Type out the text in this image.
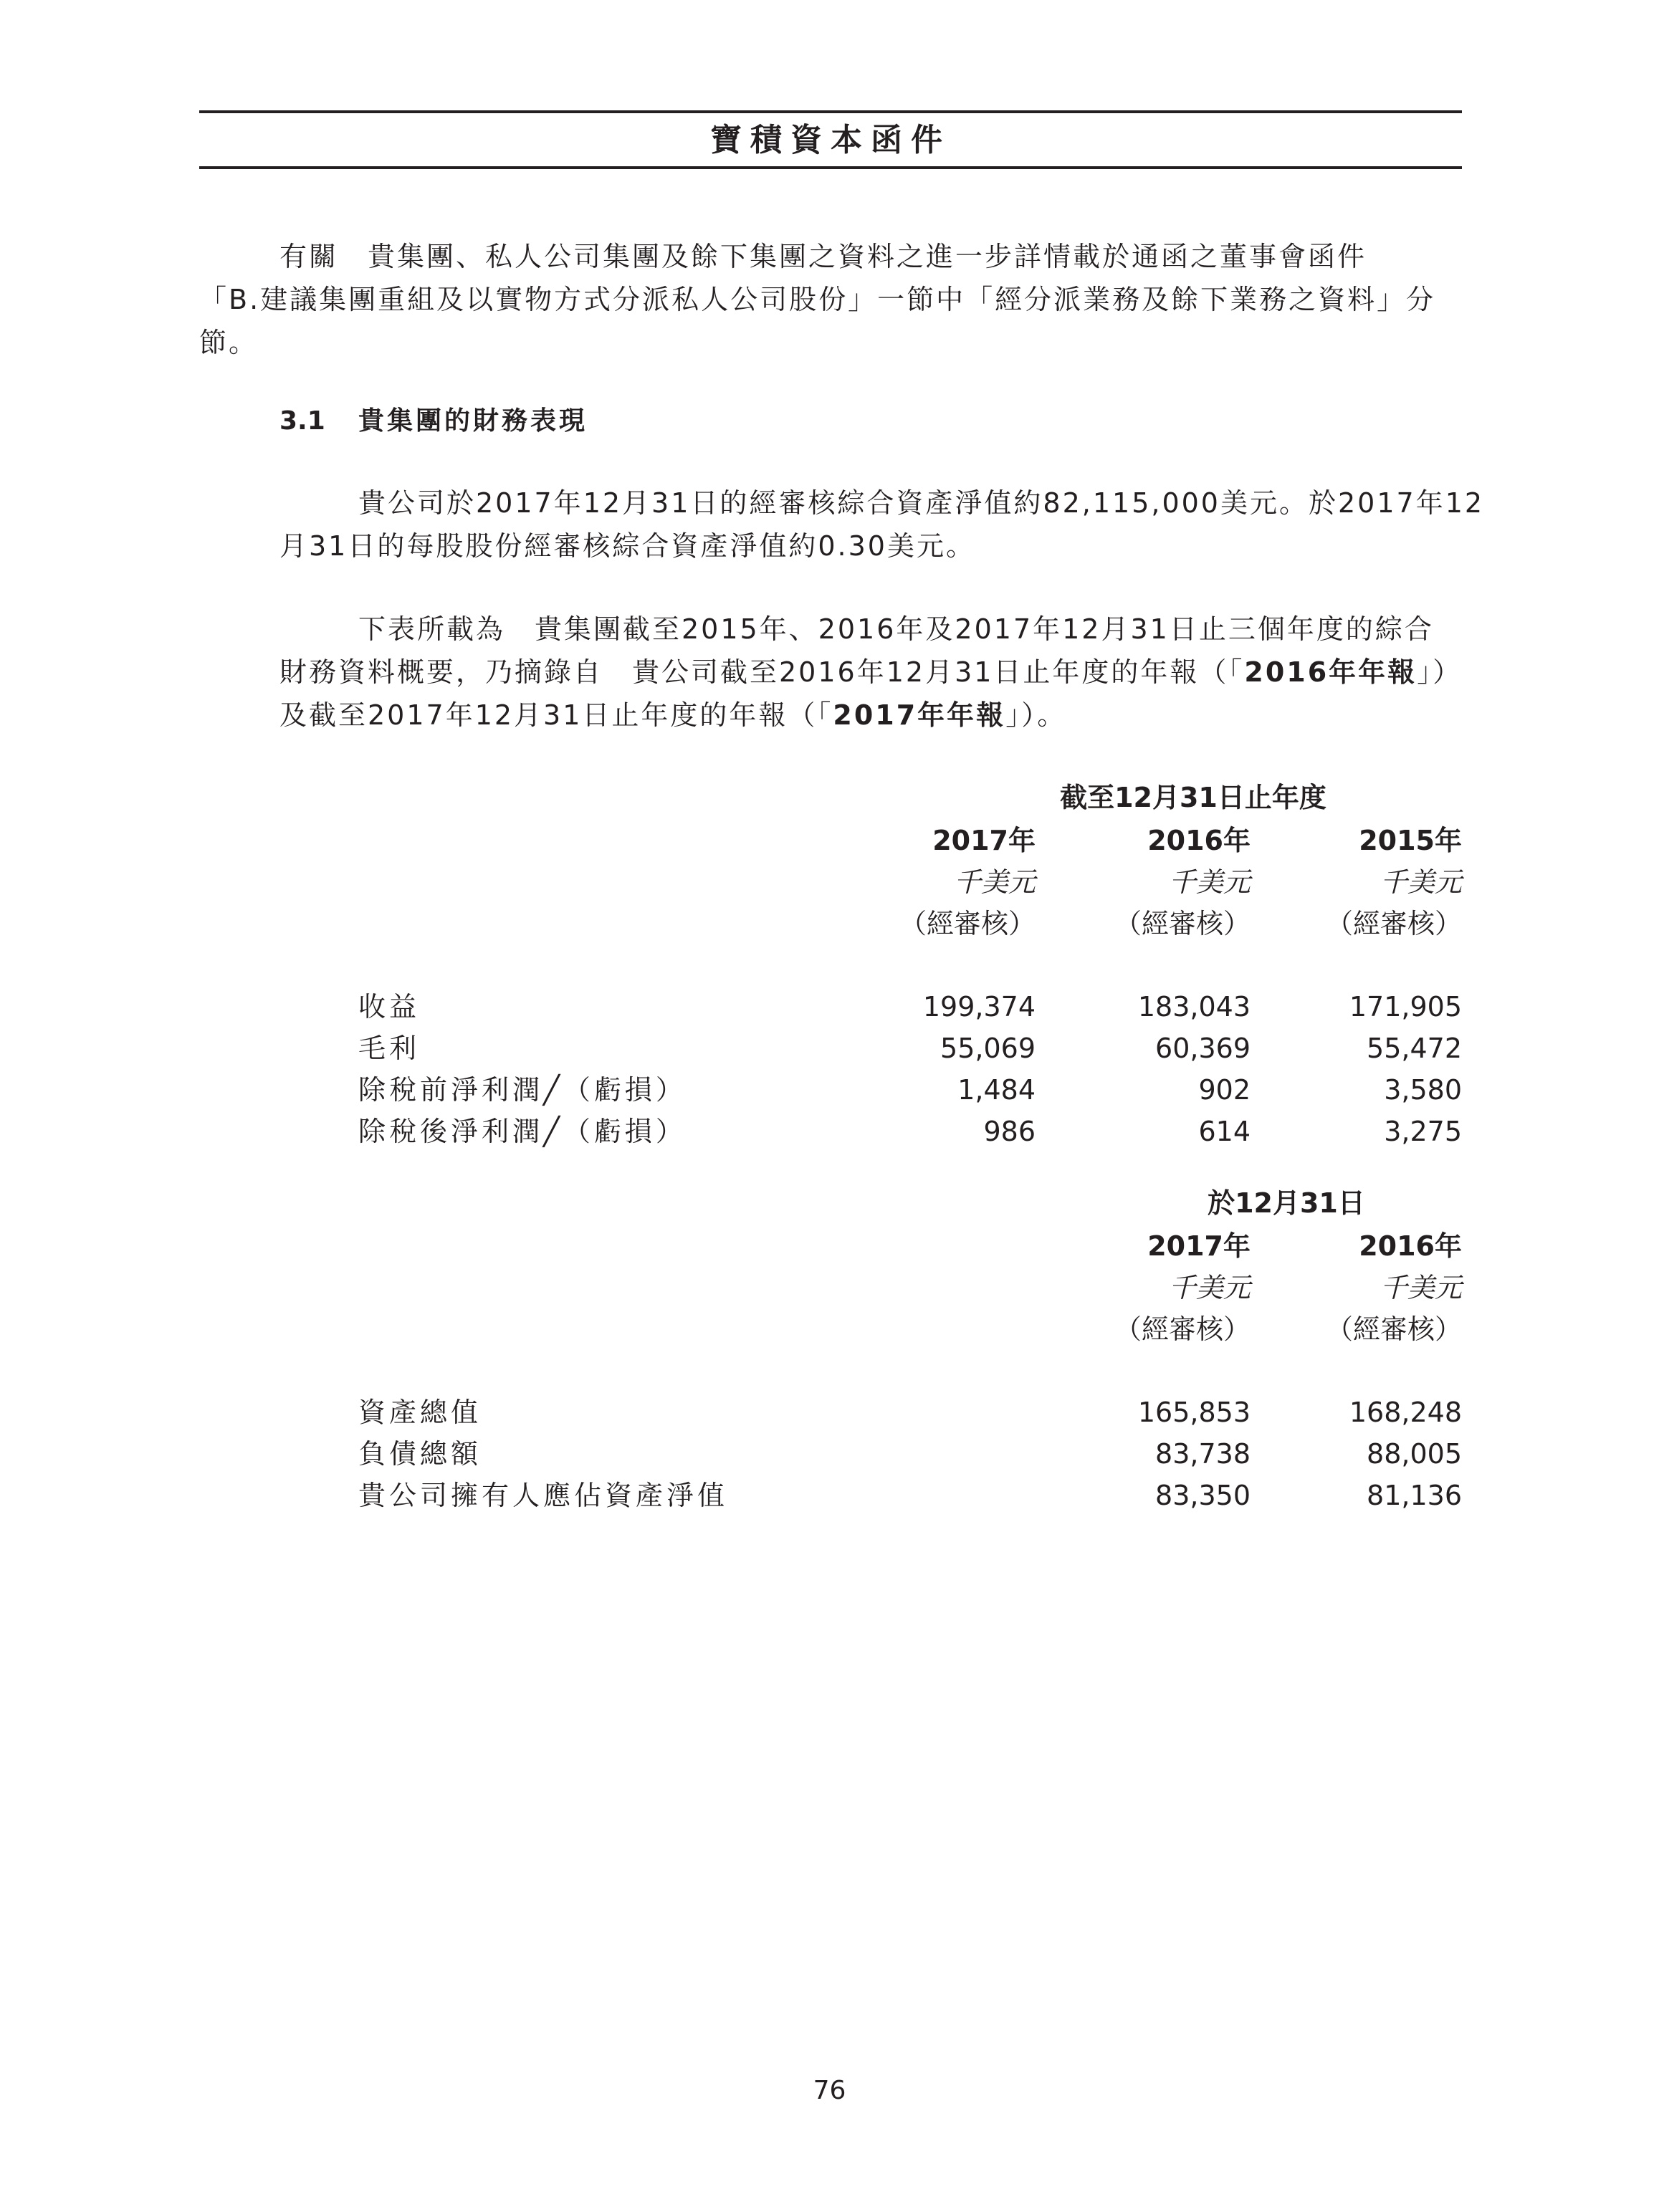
寶積資本函件
有關　貴集團、私人公司集團及餘下集團之資料之進一步詳情載於通函之董事會函件
「B.建議集團重組及以實物方式分派私人公司股份」一節中「經分派業務及餘下業務之資料」分
節。
3.1 貴集團的財務表現
貴公司於2017年12月31日的經審核綜合資產淨值約82,115,000美元。於2017年12
月31日的每股股份經審核綜合資產淨值約0.30美元。
下表所載為　貴集團截至2015年、2016年及2017年12月31日止三個年度的綜合
財務資料概要，乃摘錄自　貴公司截至2016年12月31日止年度的年報（「2016年年報」）
及截至2017年12月31日止年度的年報（「2017年年報」）。
截至12月31日止年度
2017年	2016年	2015年
千美元	千美元	千美元
（經審核）	（經審核）	（經審核）
收益	199,374	183,043	171,905
毛利	55,069	60,369	55,472
除稅前淨利潤╱（虧損）	1,484	902	3,580
除稅後淨利潤╱（虧損）	986	614	3,275
於12月31日
2017年	2016年
千美元	千美元
（經審核）	（經審核）
資產總值	165,853	168,248
負債總額	83,738	88,005
貴公司擁有人應佔資產淨值	83,350	81,136
76
